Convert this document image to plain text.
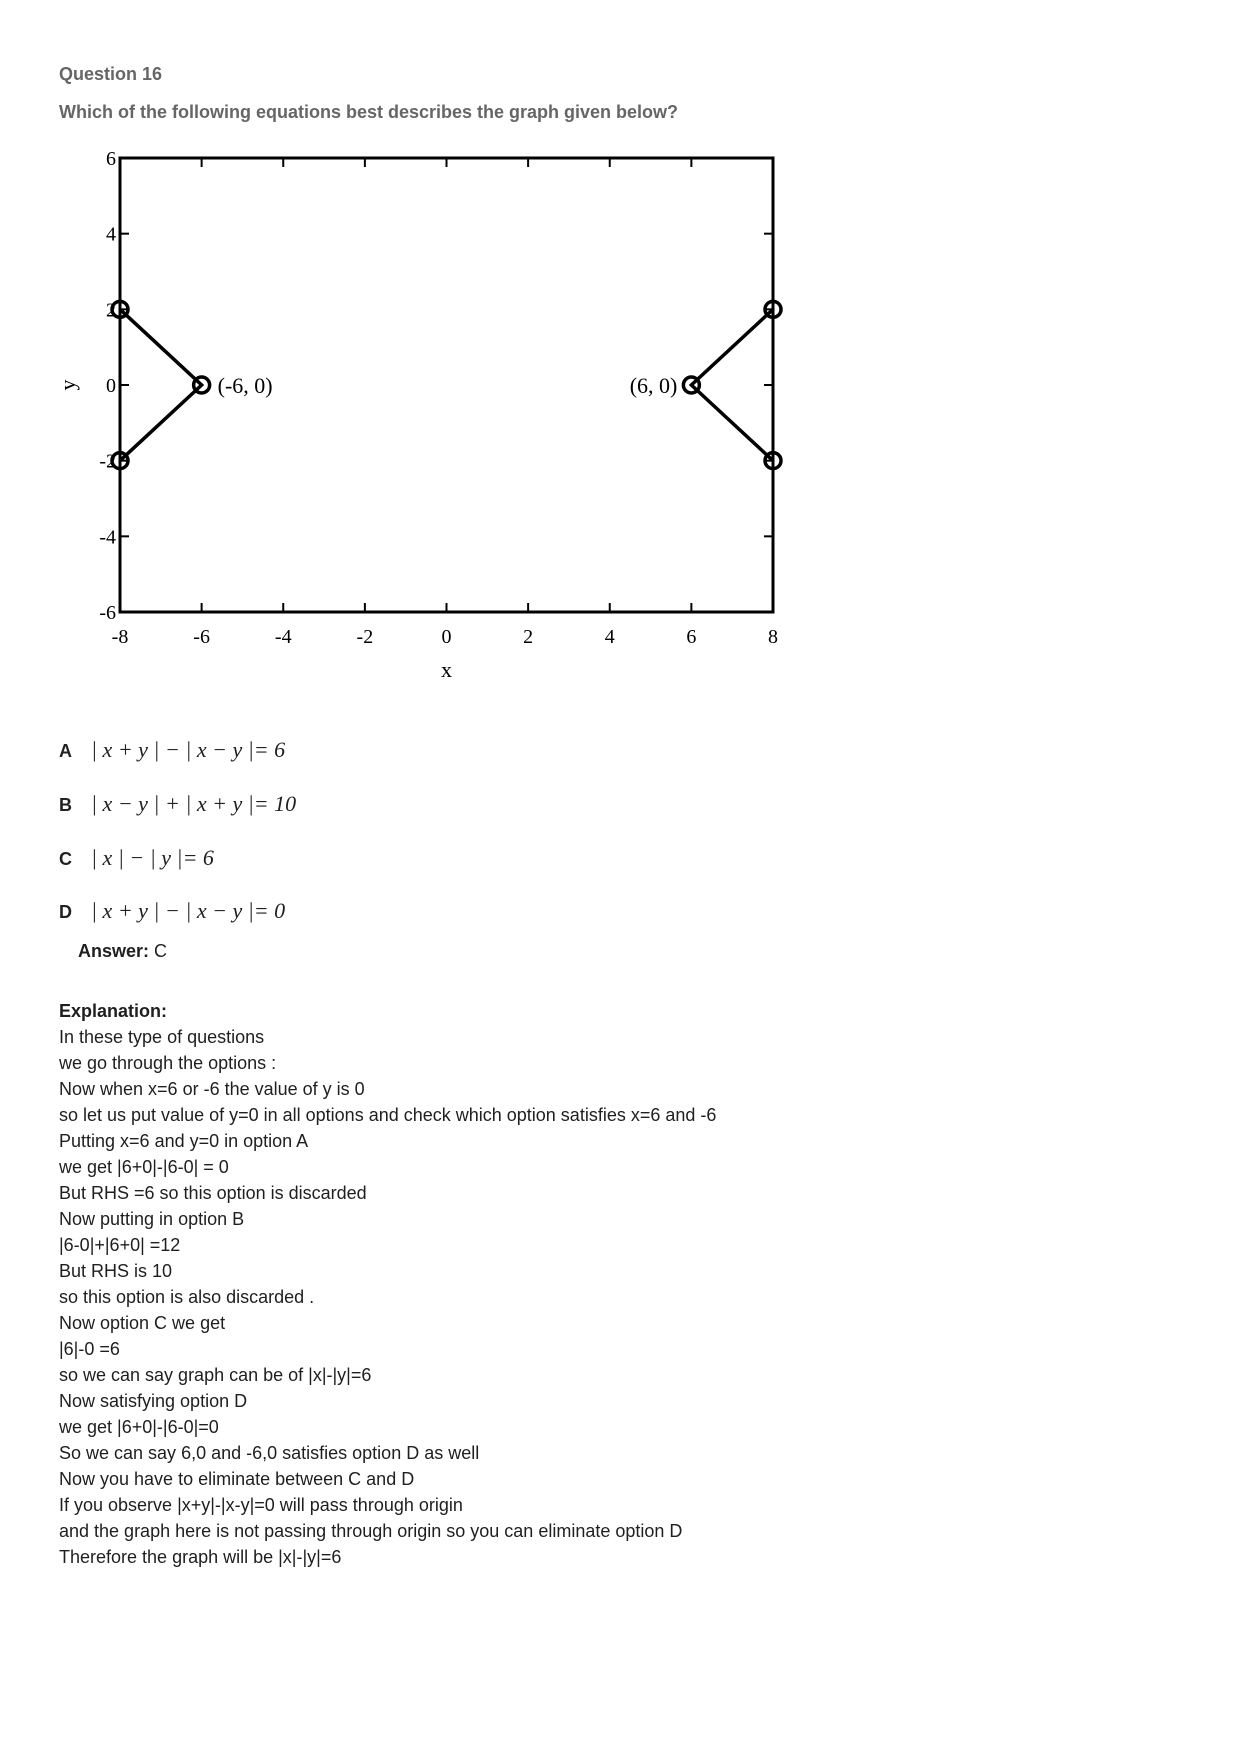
Question 16
Which of the following equations best describes the graph given below?
6
4
2
0
-2
-4
-6
-8	-6	-4	-2	0	2	4	6	8
x
y	(-6, 0)	(6, 0)
A | x + y | − | x − y |= 6
B | x − y | + | x + y |= 10
C | x | − | y |= 6
D | x + y | − | x − y |= 0
Answer: C
Explanation:
In these type of questions
we go through the options :
Now when x=6 or -6 the value of y is 0
so let us put value of y=0 in all options and check which option satisfies x=6 and -6
Putting x=6 and y=0 in option A
we get |6+0|-|6-0| = 0
But RHS =6 so this option is discarded
Now putting in option B
|6-0|+|6+0| =12
But RHS is 10
so this option is also discarded .
Now option C we get
|6|-0 =6
so we can say graph can be of |x|-|y|=6
Now satisfying option D
we get |6+0|-|6-0|=0
So we can say 6,0 and -6,0 satisfies option D as well
Now you have to eliminate between C and D
If you observe |x+y|-|x-y|=0 will pass through origin
and the graph here is not passing through origin so you can eliminate option D
Therefore the graph will be |x|-|y|=6
